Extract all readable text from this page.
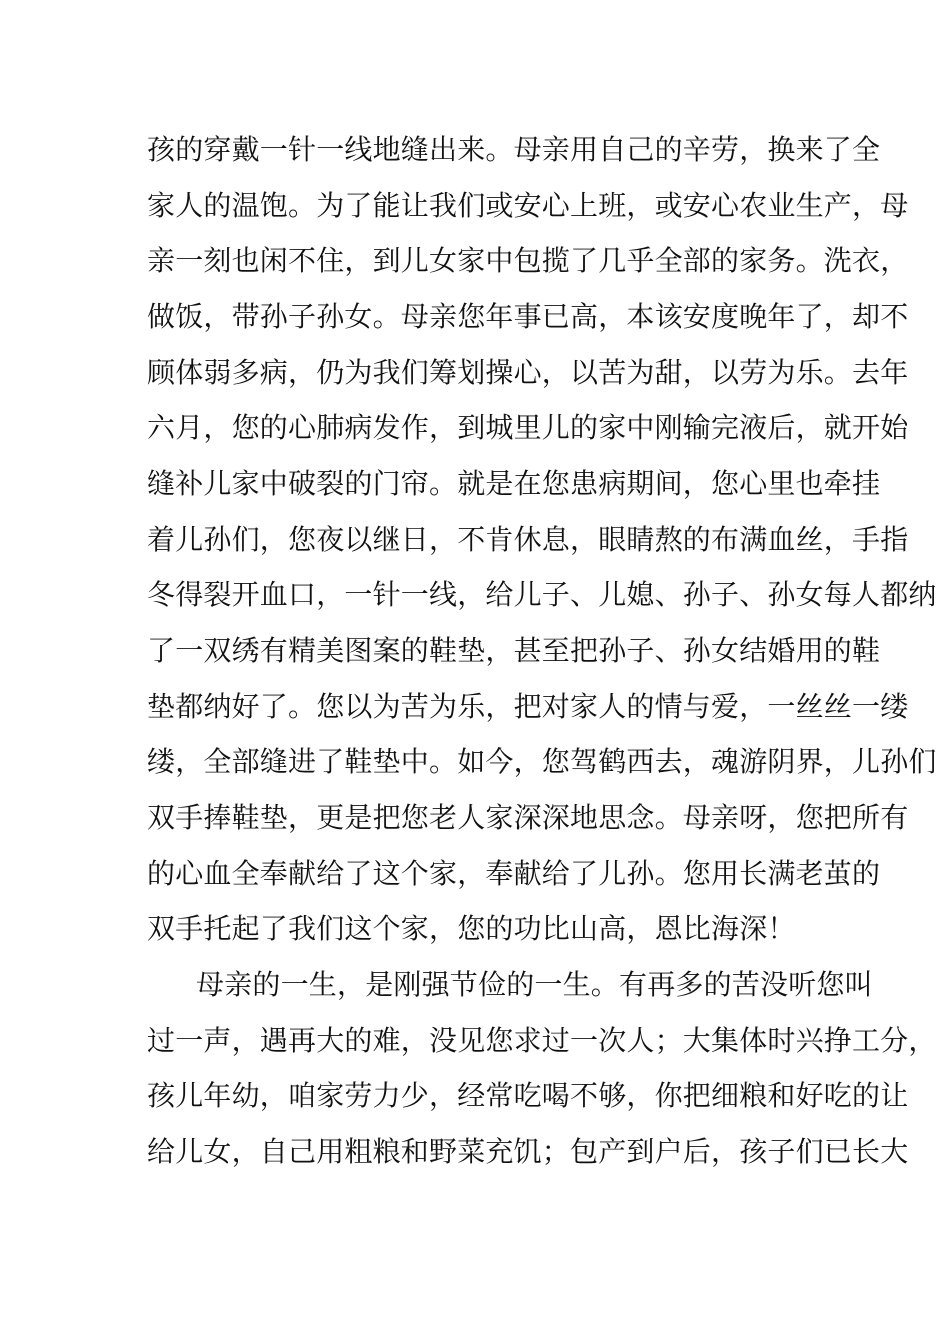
孩的穿戴一针一线地缝出来。母亲用自己的辛劳，换来了全
家人的温饱。为了能让我们或安心上班，或安心农业生产，母
亲一刻也闲不住，到儿女家中包揽了几乎全部的家务。洗衣，
做饭，带孙子孙女。母亲您年事已高，本该安度晚年了，却不
顾体弱多病，仍为我们筹划操心，以苦为甜，以劳为乐。去年
六月，您的心肺病发作，到城里儿的家中刚输完液后，就开始
缝补儿家中破裂的门帘。就是在您患病期间，您心里也牵挂
着儿孙们，您夜以继日，不肯休息，眼睛熬的布满血丝，手指
冬得裂开血口，一针一线，给儿子、儿媳、孙子、孙女每人都纳
了一双绣有精美图案的鞋垫，甚至把孙子、孙女结婚用的鞋
垫都纳好了。您以为苦为乐，把对家人的情与爱，一丝丝一缕
缕，全部缝进了鞋垫中。如今，您驾鹤西去，魂游阴界，儿孙们
双手捧鞋垫，更是把您老人家深深地思念。母亲呀，您把所有
的心血全奉献给了这个家，奉献给了儿孙。您用长满老茧的
双手托起了我们这个家，您的功比山高，恩比海深！
母亲的一生，是刚强节俭的一生。有再多的苦没听您叫
过一声，遇再大的难，没见您求过一次人；大集体时兴挣工分，
孩儿年幼，咱家劳力少，经常吃喝不够，你把细粮和好吃的让
给儿女，自己用粗粮和野菜充饥；包产到户后，孩子们已长大
